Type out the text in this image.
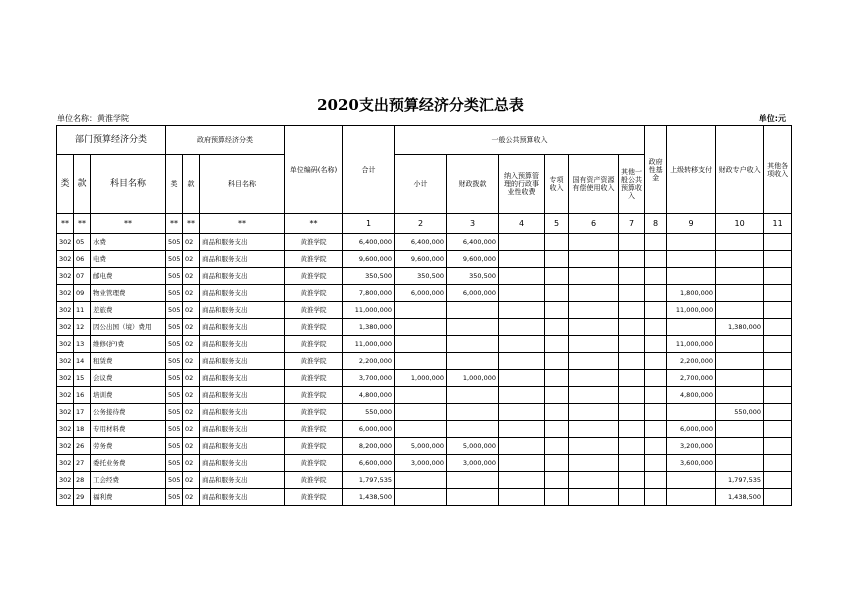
2020支出预算经济分类汇总表
单位名称：黄淮学院	单位:元
部门预算经济分类			政府预算经济分类			单位编码(名称)	合计	一般公共预算收入						政府性基金	上级转移支付	财政专户收入	其他各项收入
类	款	科目名称	类	款	科目名称			小计	财政拨款	纳入预算管理的行政事业性收费	专项收入	国有资产资源有偿使用收入	其他一般公共预算收入				
**	**	**	**	**	**	**	1	2	3	4	5	6	7	8	9	10	11
302	05	水费	505	02	商品和服务支出	黄淮学院	6,400,000	6,400,000	6,400,000								
302	06	电费	505	02	商品和服务支出	黄淮学院	9,600,000	9,600,000	9,600,000								
302	07	邮电费	505	02	商品和服务支出	黄淮学院	350,500	350,500	350,500								
302	09	物业管理费	505	02	商品和服务支出	黄淮学院	7,800,000	6,000,000	6,000,000						1,800,000		
302	11	差旅费	505	02	商品和服务支出	黄淮学院	11,000,000								11,000,000		
302	12	因公出国（境）费用	505	02	商品和服务支出	黄淮学院	1,380,000									1,380,000	
302	13	维修(护)费	505	02	商品和服务支出	黄淮学院	11,000,000								11,000,000		
302	14	租赁费	505	02	商品和服务支出	黄淮学院	2,200,000								2,200,000		
302	15	会议费	505	02	商品和服务支出	黄淮学院	3,700,000	1,000,000	1,000,000						2,700,000		
302	16	培训费	505	02	商品和服务支出	黄淮学院	4,800,000								4,800,000		
302	17	公务接待费	505	02	商品和服务支出	黄淮学院	550,000									550,000	
302	18	专用材料费	505	02	商品和服务支出	黄淮学院	6,000,000								6,000,000		
302	26	劳务费	505	02	商品和服务支出	黄淮学院	8,200,000	5,000,000	5,000,000						3,200,000		
302	27	委托业务费	505	02	商品和服务支出	黄淮学院	6,600,000	3,000,000	3,000,000						3,600,000		
302	28	工会经费	505	02	商品和服务支出	黄淮学院	1,797,535									1,797,535	
302	29	福利费	505	02	商品和服务支出	黄淮学院	1,438,500									1,438,500	
